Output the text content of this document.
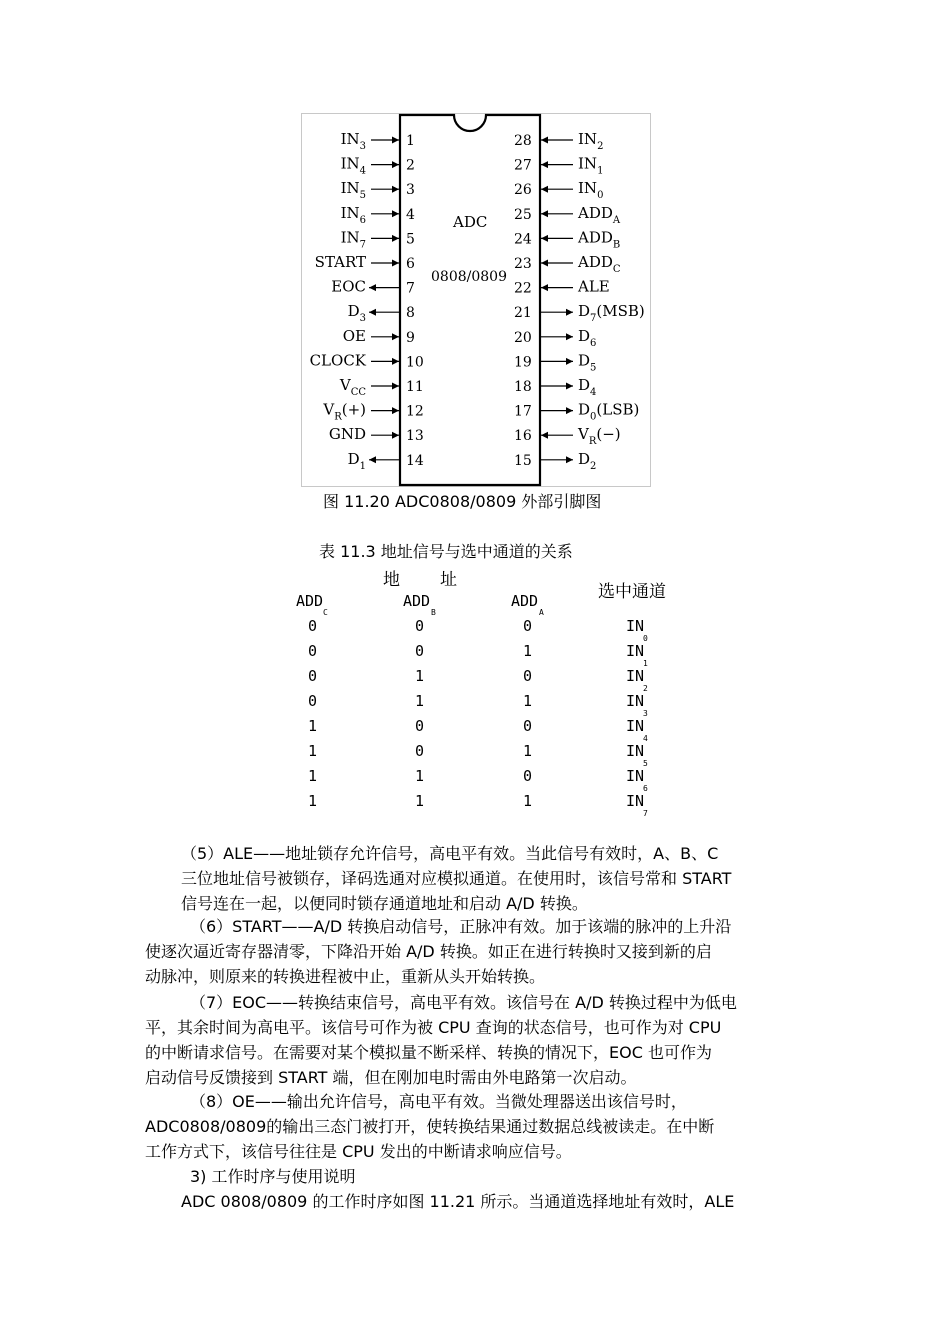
ADC
0808/0809
1
$IN_3$
2
$IN_4$
3
$IN_5$
4
$IN_6$
5
$IN_7$
6
START
7
EOC
8
$D_3$
9
OE
10
CLOCK
11
$V_{CC}$
12
$V_R(+)$
13
GND
14
$D_1$
28	$IN_2$
27	$IN_1$
26	$IN_0$
25	$ADD_A$
24	$ADD_B$
23	$ADD_C$
22	ALE
21	$D_7(MSB)$
20	$D_6$
19	$D_5$
18	$D_4$
17	$D_0(LSB)$
16	$V_R(-)$
15	$D_2$
图 11.20 ADC0808/0809 外部引脚图
表 11.3 地址信号与选中通道的关系
地 址
选中通道
ADD
C
ADD
B
ADD
A
0	0	0	IN
0
0	0	1	IN
1
0	1	0	IN
2
0	1	1	IN
3
1	0	0	IN
4
1	0	1	IN
5
1	1	0	IN
6
1	1	1	IN
7
（5）ALE——地址锁存允许信号，高电平有效。当此信号有效时，A、B、C
三位地址信号被锁存，译码选通对应模拟通道。在使用时，该信号常和 START
信号连在一起，以便同时锁存通道地址和启动 A/D 转换。
（6）START——A/D 转换启动信号，正脉冲有效。加于该端的脉冲的上升沿
使逐次逼近寄存器清零，下降沿开始 A/D 转换。如正在进行转换时又接到新的启
动脉冲，则原来的转换进程被中止，重新从头开始转换。
（7）EOC——转换结束信号，高电平有效。该信号在 A/D 转换过程中为低电
平，其余时间为高电平。该信号可作为被 CPU 查询的状态信号，也可作为对 CPU
的中断请求信号。在需要对某个模拟量不断采样、转换的情况下，EOC 也可作为
启动信号反馈接到 START 端，但在刚加电时需由外电路第一次启动。
（8）OE——输出允许信号，高电平有效。当微处理器送出该信号时，
ADC0808/0809的输出三态门被打开，使转换结果通过数据总线被读走。在中断
工作方式下，该信号往往是 CPU 发出的中断请求响应信号。
3) 工作时序与使用说明
ADC 0808/0809 的工作时序如图 11.21 所示。当通道选择地址有效时，ALE
